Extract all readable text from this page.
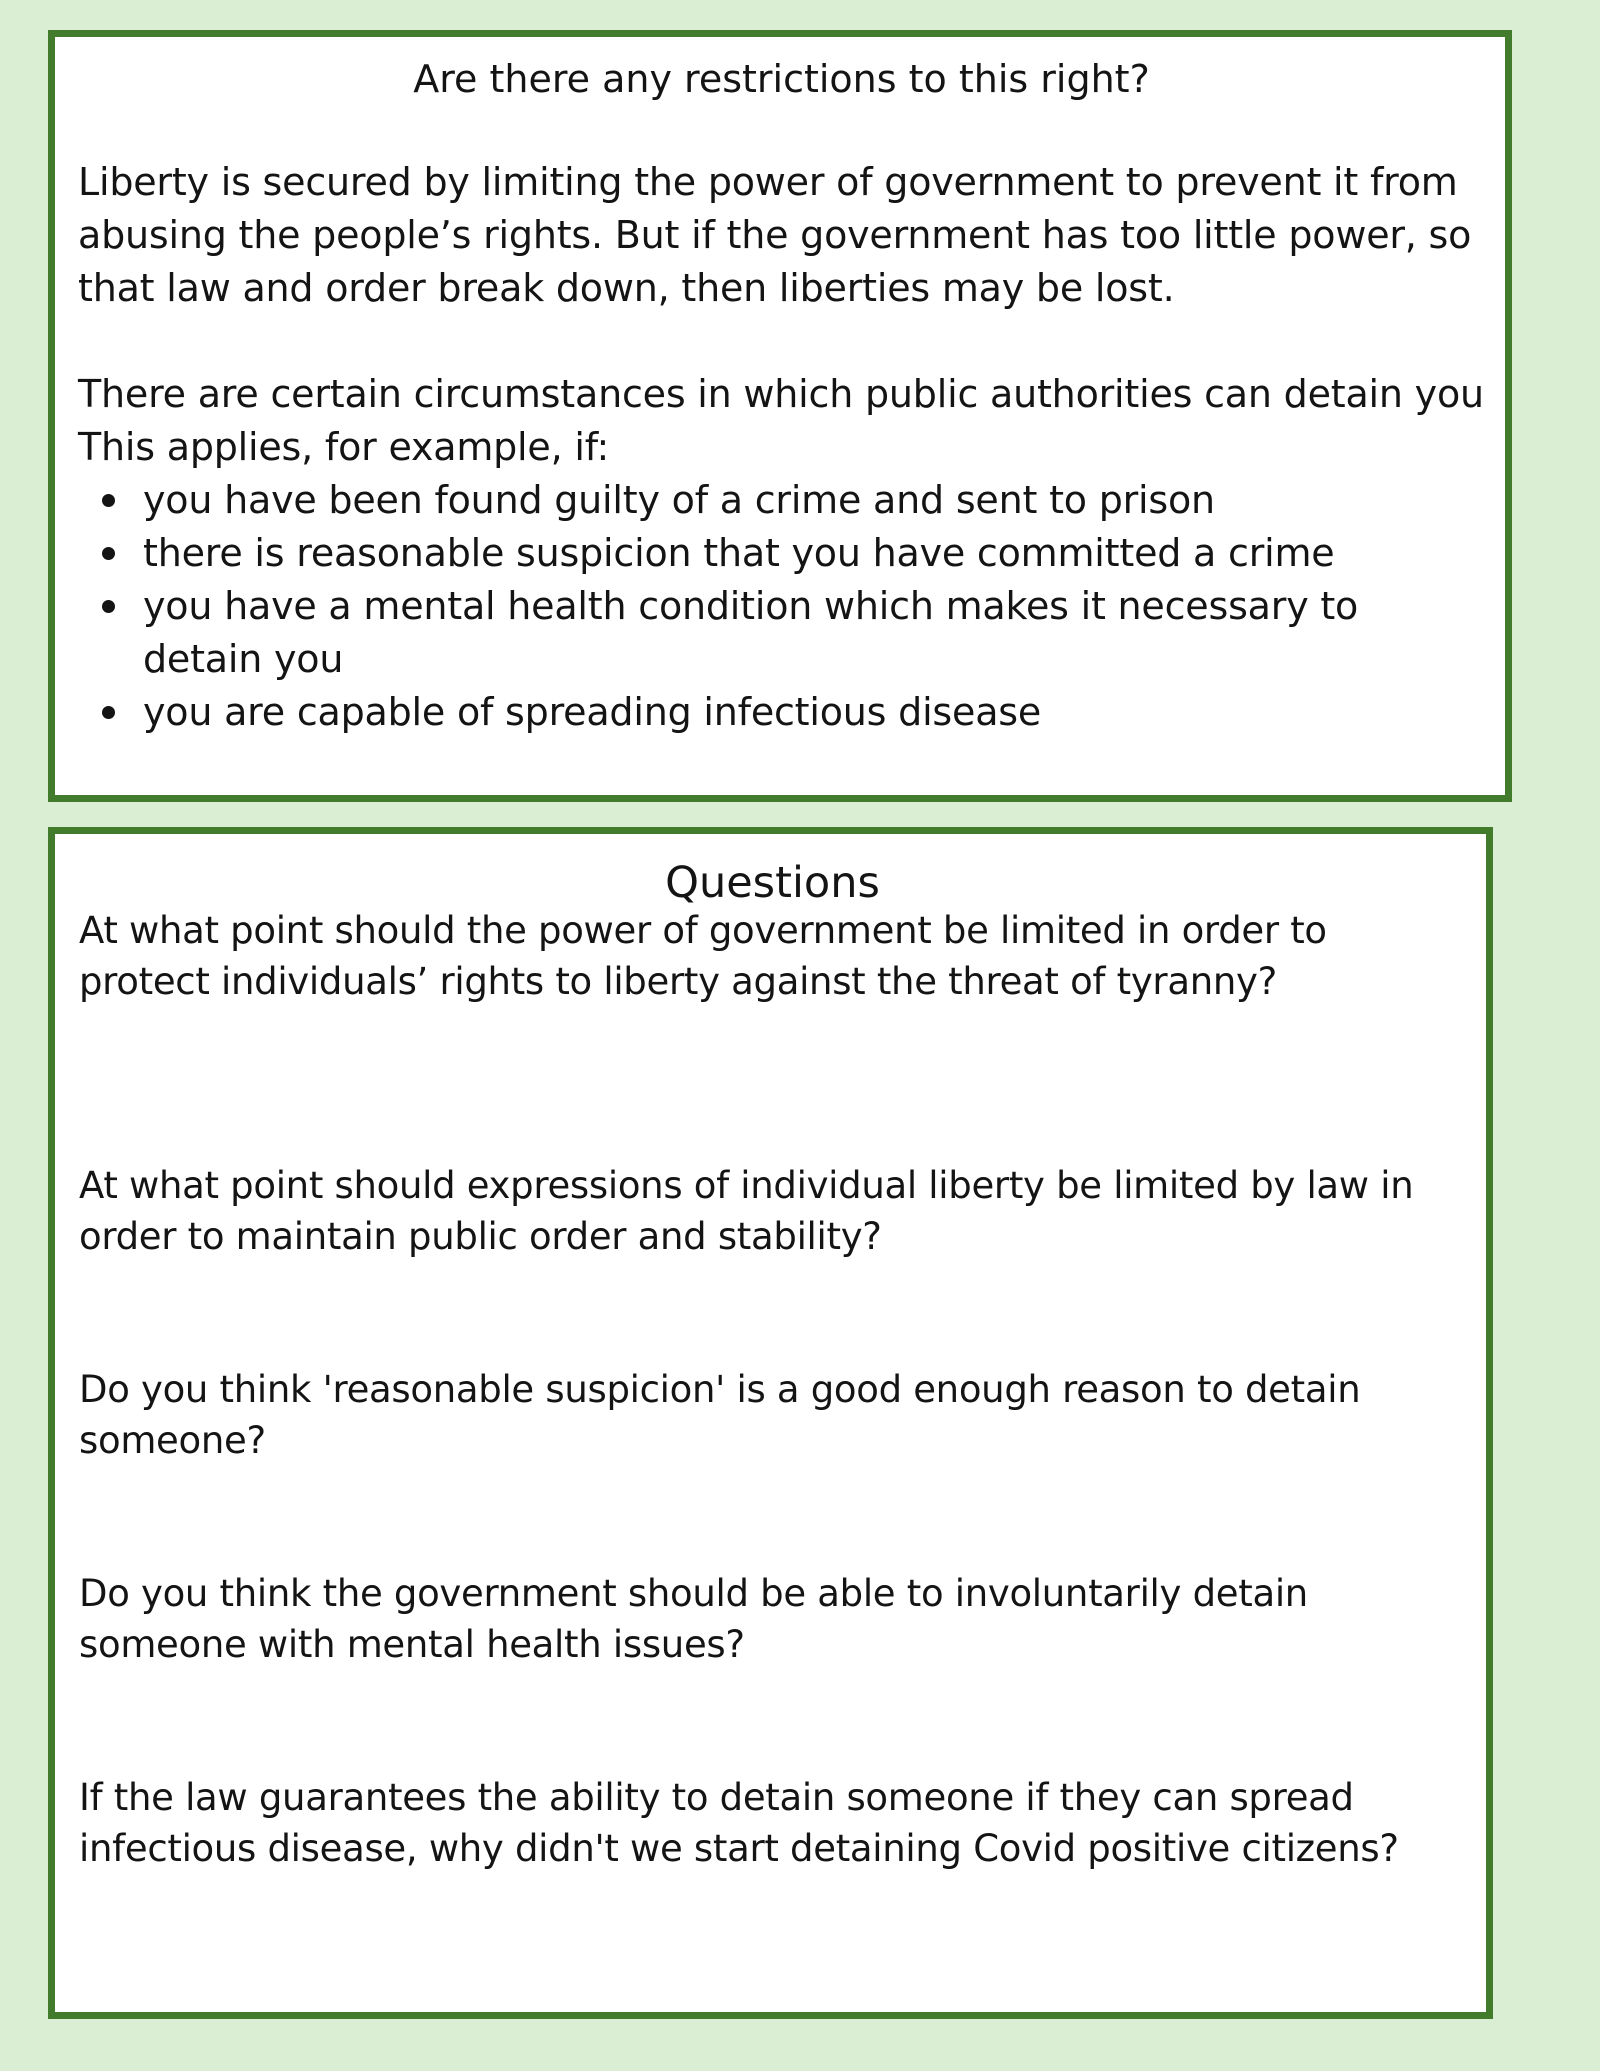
Are there any restrictions to this right?

Liberty is secured by limiting the power of government to prevent it from abusing the people’s rights. But if the government has too little power, so that law and order break down, then liberties may be lost.

There are certain circumstances in which public authorities can detain you
This applies, for example, if:

you have been found guilty of a crime and sent to prison
there is reasonable suspicion that you have committed a crime
you have a mental health condition which makes it necessary to detain you
you are capable of spreading infectious disease
Questions

At what point should the power of government be limited in order to protect individuals’ rights to liberty against the threat of tyranny?

At what point should expressions of individual liberty be limited by law in order to maintain public order and stability?

Do you think 'reasonable suspicion' is a good enough reason to detain someone?

Do you think the government should be able to involuntarily detain someone with mental health issues?

If the law guarantees the ability to detain someone if they can spread infectious disease, why didn't we start detaining Covid positive citizens?
